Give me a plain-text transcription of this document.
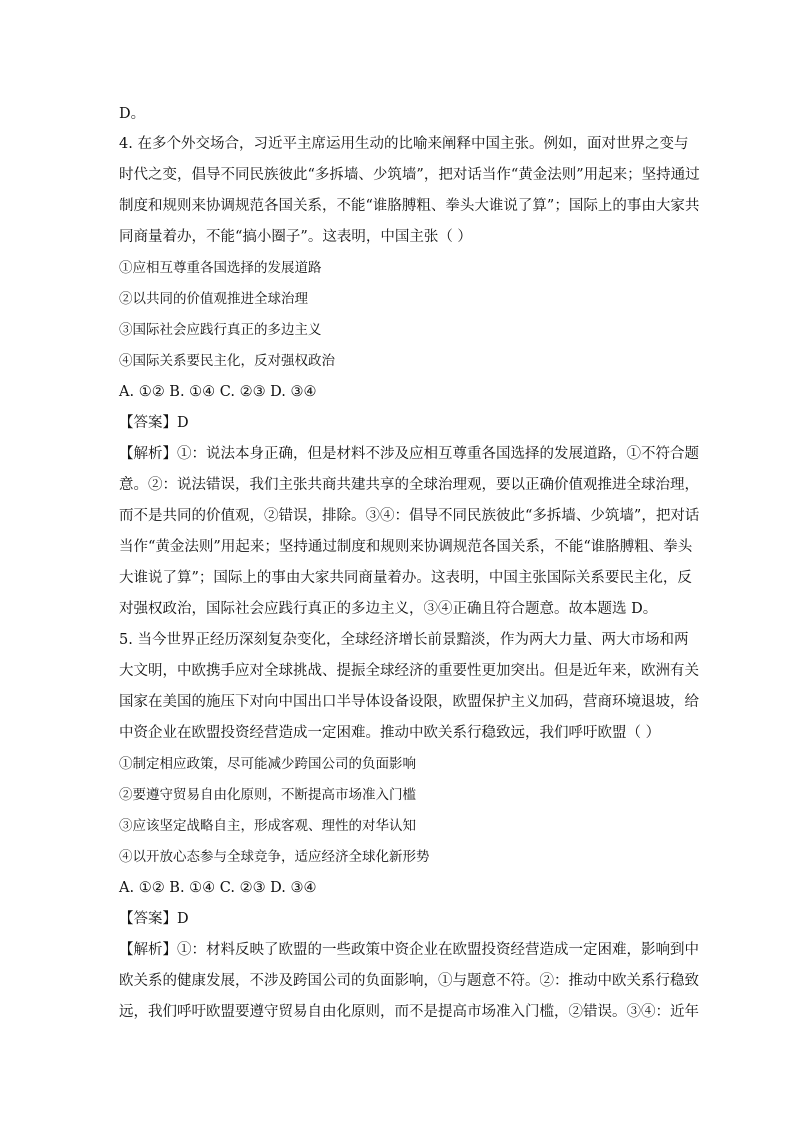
D。
4. 在多个外交场合，习近平主席运用生动的比喻来阐释中国主张。例如，面对世界之变与
时代之变，倡导不同民族彼此“多拆墙、少筑墙”，把对话当作“黄金法则”用起来；坚持通过
制度和规则来协调规范各国关系，不能“谁胳膊粗、拳头大谁说了算”；国际上的事由大家共
同商量着办，不能“搞小圈子”。这表明，中国主张（ ）
①应相互尊重各国选择的发展道路
②以共同的价值观推进全球治理
③国际社会应践行真正的多边主义
④国际关系要民主化，反对强权政治
A. ①② B. ①④ C. ②③ D. ③④
【答案】D
【解析】①：说法本身正确，但是材料不涉及应相互尊重各国选择的发展道路，①不符合题
意。②：说法错误，我们主张共商共建共享的全球治理观，要以正确价值观推进全球治理，
而不是共同的价值观，②错误，排除。③④：倡导不同民族彼此“多拆墙、少筑墙”，把对话
当作“黄金法则”用起来；坚持通过制度和规则来协调规范各国关系，不能“谁胳膊粗、拳头
大谁说了算”；国际上的事由大家共同商量着办。这表明，中国主张国际关系要民主化，反
对强权政治，国际社会应践行真正的多边主义，③④正确且符合题意。故本题选 D。
5. 当今世界正经历深刻复杂变化，全球经济增长前景黯淡，作为两大力量、两大市场和两
大文明，中欧携手应对全球挑战、提振全球经济的重要性更加突出。但是近年来，欧洲有关
国家在美国的施压下对向中国出口半导体设备设限，欧盟保护主义加码，营商环境退坡，给
中资企业在欧盟投资经营造成一定困难。推动中欧关系行稳致远，我们呼吁欧盟（ ）
①制定相应政策，尽可能减少跨国公司的负面影响
②要遵守贸易自由化原则，不断提高市场准入门槛
③应该坚定战略自主，形成客观、理性的对华认知
④以开放心态参与全球竞争，适应经济全球化新形势
A. ①② B. ①④ C. ②③ D. ③④
【答案】D
【解析】①：材料反映了欧盟的一些政策中资企业在欧盟投资经营造成一定困难，影响到中
欧关系的健康发展，不涉及跨国公司的负面影响，①与题意不符。②：推动中欧关系行稳致
远，我们呼吁欧盟要遵守贸易自由化原则，而不是提高市场准入门槛，②错误。③④：近年
